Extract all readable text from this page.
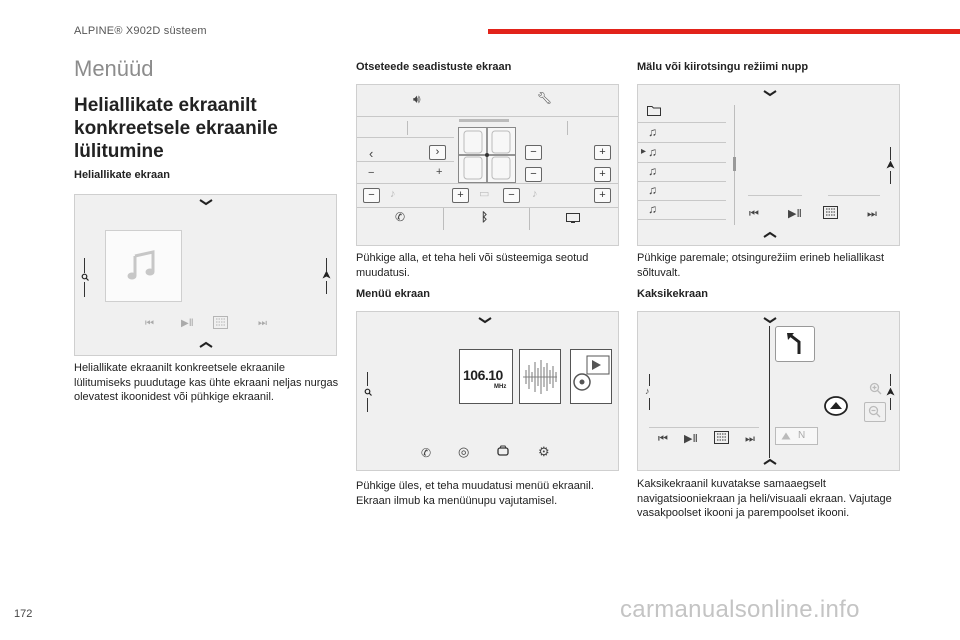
ALPINE® X902D süsteem
Menüüd
Heliallikate ekraanilt konkreetsele ekraanile lülitumine
Heliallikate ekraan
⏮	▶Ⅱ	⏭
Heliallikate ekraanilt konkreetsele ekraanile lülitumiseks puudutage kas ühte ekraani neljas nurgas olevatest ikoonidest või pühkige ekraanil.
Otseteede seadistuste ekraan
🔊︎	🔧︎
‹	›
−	+
−	+
−	+
−	♪	+	▭	−	♪	+
✆	ᛒ
Pühkige alla, et teha heli või süsteemiga seotud muudatusi.
Menüü ekraan
106.10
MHz
✆ ◎	⚙
Pühkige üles, et teha muudatusi menüü ekraanil. Ekraan ilmub ka menüünupu vajutamisel.
Mälu või kiirotsingu režiimi nupp
♫
▸ ♫
♫
♫
♫	⏮	▶Ⅱ	⏭
Pühkige paremale; otsingurežiim erineb heliallikast sõltuvalt.
Kaksikekraan
♪
⏮ ▶Ⅱ	⏭	N
Kaksikekraanil kuvatakse samaaegselt navigatsiooniekraan ja heli/visuaali ekraan. Vajutage vasakpoolset ikooni ja parempoolset ikooni.
172	carmanualsonline.info
